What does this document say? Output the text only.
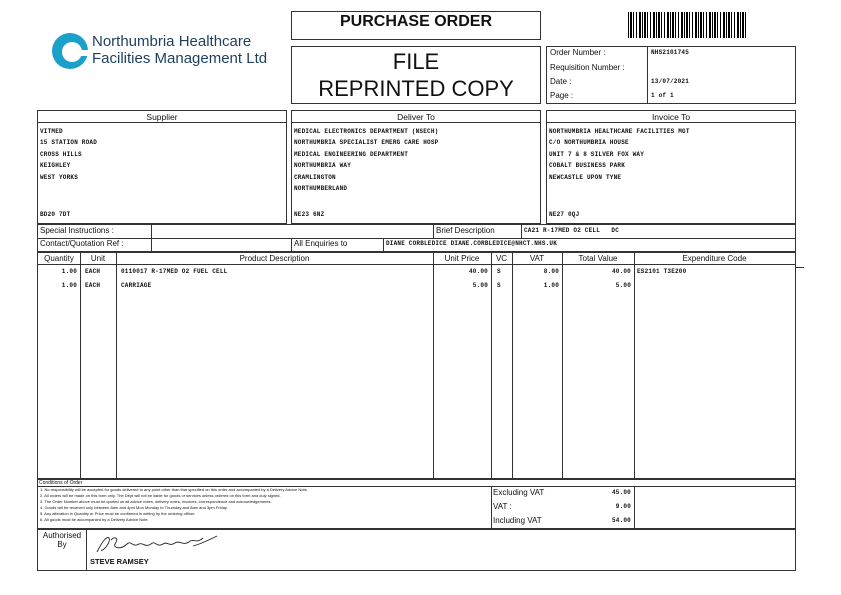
Northumbria Healthcare
Facilities Management Ltd
PURCHASE ORDER
FILE
REPRINTED COPY
Order Number :	NHS2101745
Requisition Number :
Date :	13/07/2021
Page :	1 of 1
Supplier
VITMED
15 STATION ROAD
CROSS HILLS
KEIGHLEY
WEST YORKS
BD20 7DT
Deliver To
MEDICAL ELECTRONICS DEPARTMENT (NSECH)
NORTHUMBRIA SPECIALIST EMERG CARE HOSP
MEDICAL ENGINEERING DEPARTMENT
NORTHUMBRIA WAY
CRAMLINGTON
NORTHUMBERLAND
NE23 6NZ
Invoice To
NORTHUMBRIA HEALTHCARE FACILITIES MGT
C/O NORTHUMBRIA HOUSE
UNIT 7 & 8 SILVER FOX WAY
COBALT BUSINESS PARK
NEWCASTLE UPON TYNE
NE27 0QJ
Special Instructions :	Brief Description	CA21 R-17MED O2 CELL   DC
Contact/Quotation Ref :	All Enquiries to	DIANE CORBLEDICE DIANE.CORBLEDICE@NHCT.NHS.UK
Quantity	Unit	Product Description	Unit Price	VC	VAT	Total Value	Expenditure Code
1.00 EACH	0110017 R-17MED O2 FUEL CELL	40.00 S	8.00	40.00 ES2101 T3E200
1.00 EACH	CARRIAGE	5.00 S	1.00	5.00
Conditions of Order
1. No responsibility will be accepted for goods delivered to any point other than that specified on this order and accompanied by a Delivery Advice Note.
2. All orders will be made on this form only. The Dept will not be liable for goods or services unless ordered on this form and duly signed.
3. The Order Number above must be quoted on all advice notes, delivery notes, invoices, correspondence and acknowledgements.
4. Goods will be received only between 8am and 4pm Mon Monday to Thursday and 8am and 3pm Friday.
5. Any alteration in Quantity or Price must be confirmed in writing by the ordering officer.
6. All goods must be accompanied by a Delivery Advice Note.
Excluding VAT	45.00
VAT :	9.00
Including VAT	54.00
Authorised
By
STEVE RAMSEY
